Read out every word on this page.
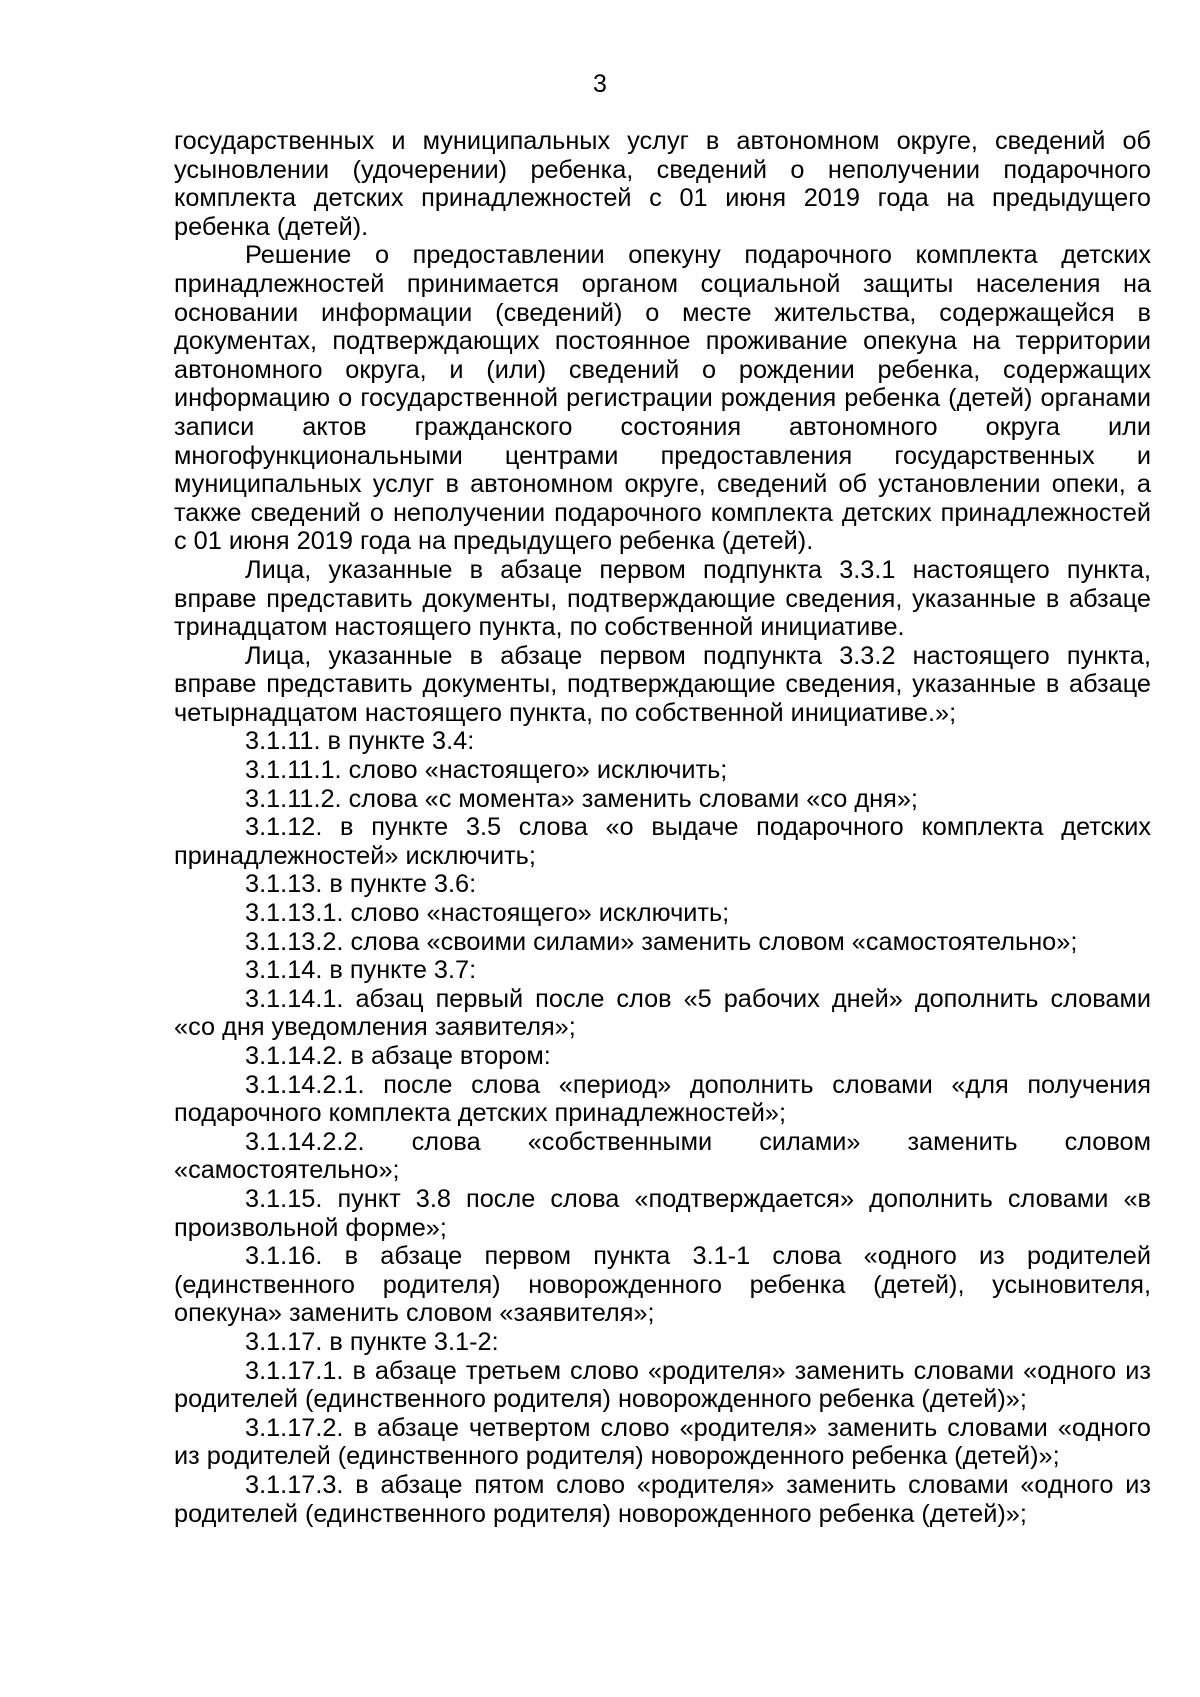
3

государственных и муниципальных услуг в автономном округе, сведений об усыновлении (удочерении) ребенка, сведений о неполучении подарочного комплекта детских принадлежностей с 01 июня 2019 года на предыдущего ребенка (детей).

Решение о предоставлении опекуну подарочного комплекта детских принадлежностей принимается органом социальной защиты населения на основании информации (сведений) о месте жительства, содержащейся в документах, подтверждающих постоянное проживание опекуна на территории автономного округа, и (или) сведений о рождении ребенка, содержащих информацию о государственной регистрации рождения ребенка (детей) органами записи актов гражданского состояния автономного округа или многофункциональными центрами предоставления государственных и муниципальных услуг в автономном округе, сведений об установлении опеки, а также сведений о неполучении подарочного комплекта детских принадлежностей с 01 июня 2019 года на предыдущего ребенка (детей).

Лица, указанные в абзаце первом подпункта 3.3.1 настоящего пункта, вправе представить документы, подтверждающие сведения, указанные в абзаце тринадцатом настоящего пункта, по собственной инициативе.

Лица, указанные в абзаце первом подпункта 3.3.2 настоящего пункта, вправе представить документы, подтверждающие сведения, указанные в абзаце четырнадцатом настоящего пункта, по собственной инициативе.»;

3.1.11. в пункте 3.4:

3.1.11.1. слово «настоящего» исключить;

3.1.11.2. слова «с момента» заменить словами «со дня»;

3.1.12. в пункте 3.5 слова «о выдаче подарочного комплекта детских принадлежностей» исключить;

3.1.13. в пункте 3.6:

3.1.13.1. слово «настоящего» исключить;

3.1.13.2. слова «своими силами» заменить словом «самостоятельно»;

3.1.14. в пункте 3.7:

3.1.14.1. абзац первый после слов «5 рабочих дней» дополнить словами «со дня уведомления заявителя»;

3.1.14.2. в абзаце втором:

3.1.14.2.1. после слова «период» дополнить словами «для получения подарочного комплекта детских принадлежностей»;

3.1.14.2.2. слова «собственными силами» заменить словом «самостоятельно»;

3.1.15. пункт 3.8 после слова «подтверждается» дополнить словами «в произвольной форме»;

3.1.16. в абзаце первом пункта 3.1-1 слова «одного из родителей (единственного родителя) новорожденного ребенка (детей), усыновителя, опекуна» заменить словом «заявителя»;

3.1.17. в пункте 3.1-2:

3.1.17.1. в абзаце третьем слово «родителя» заменить словами «одного из родителей (единственного родителя) новорожденного ребенка (детей)»;

3.1.17.2. в абзаце четвертом слово «родителя» заменить словами «одного из родителей (единственного родителя) новорожденного ребенка (детей)»;

3.1.17.3. в абзаце пятом слово «родителя» заменить словами «одного из родителей (единственного родителя) новорожденного ребенка (детей)»;
